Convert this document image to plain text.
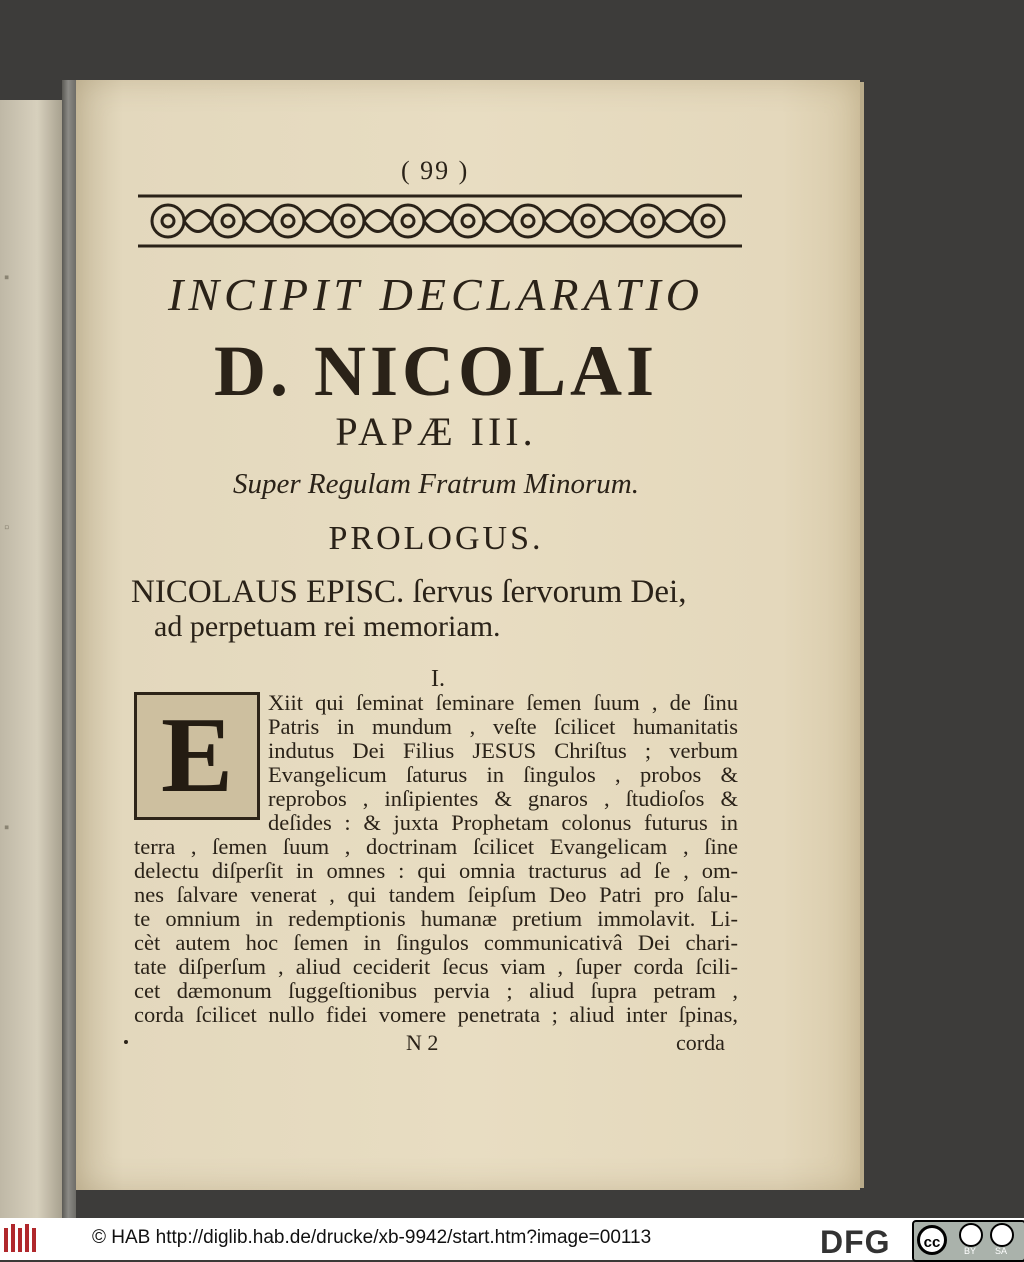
▪
▫
▪
( 99 )
INCIPIT DECLARATIO
D. NICOLAI
PAPÆ III.
Super Regulam Fratrum Minorum.
PROLOGUS.
NICOLAUS EPISC. ſervus ſervorum Dei,
ad perpetuam rei memoriam.
I.
E	Xiit qui ſeminat ſeminare ſemen ſuum , de ſinu
Patris in mundum , veſte ſcilicet humanitatis
indutus Dei Filius JESUS Chriſtus ; verbum
Evangelicum ſaturus in ſingulos , probos &
reprobos , inſipientes & gnaros , ſtudioſos &
deſides : & juxta Prophetam colonus futurus in
terra , ſemen ſuum , doctrinam ſcilicet Evangelicam , ſine
delectu diſperſit in omnes : qui omnia tracturus ad ſe , om-
nes ſalvare venerat , qui tandem ſeipſum Deo Patri pro ſalu-
te omnium in redemptionis humanæ pretium immolavit. Li-
cèt autem hoc ſemen in ſingulos communicativâ Dei chari-
tate diſperſum , aliud ceciderit ſecus viam , ſuper corda ſcili-
cet dæmonum ſuggeſtionibus pervia ; aliud ſupra petram ,
corda ſcilicet nullo fidei vomere penetrata ; aliud inter ſpinas,
N 2	corda
© HAB http://diglib.hab.de/drucke/xb-9942/start.htm?image=00113	DFG	cc	BY SA
